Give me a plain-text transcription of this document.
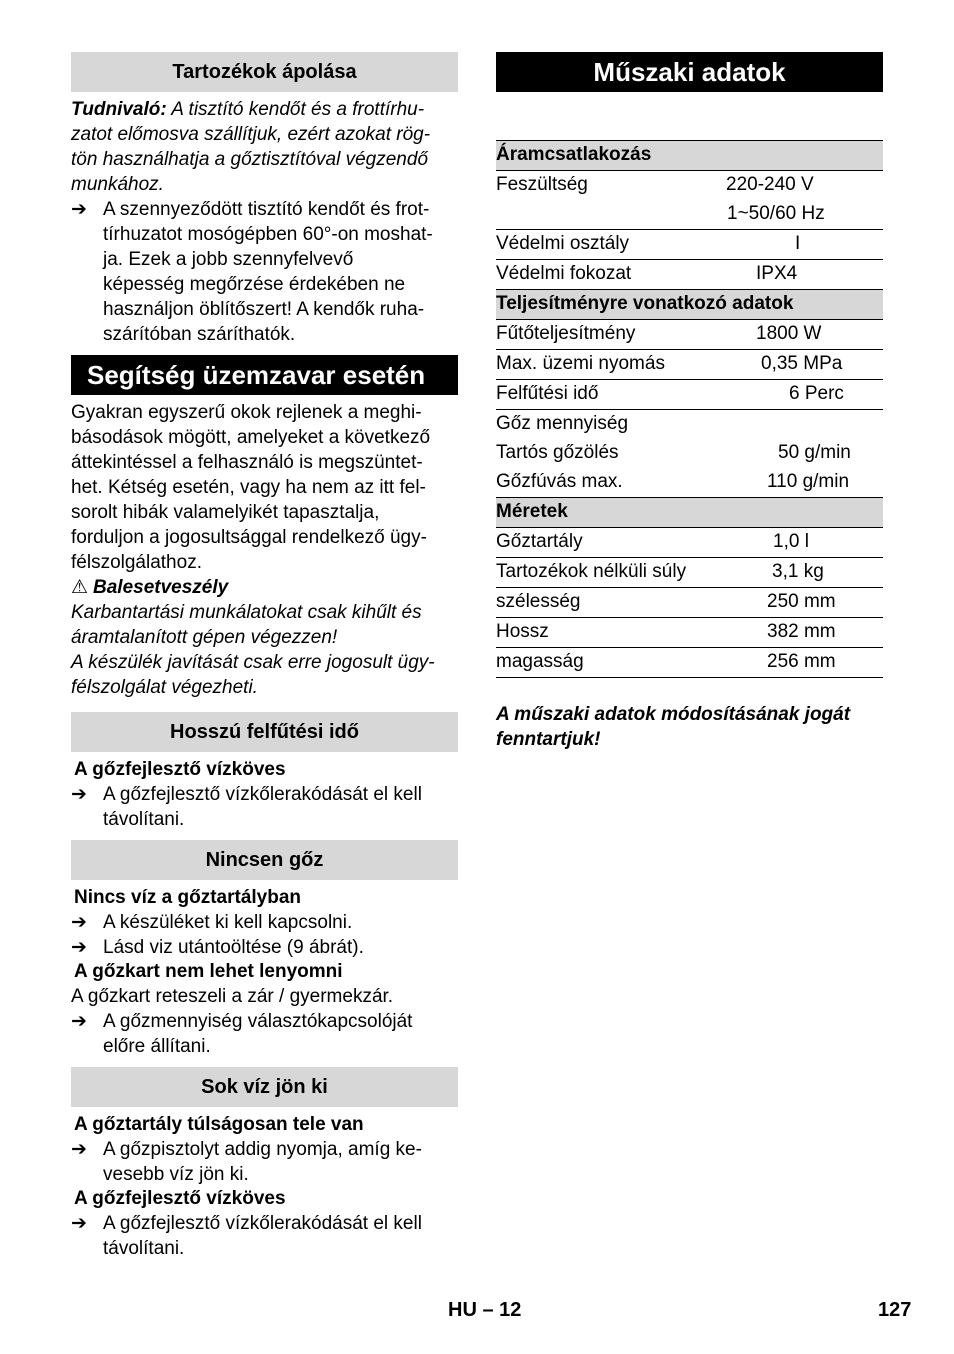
Tartozékok ápolása

Tudnivaló: A tisztító kendőt és a frottírhu-

zatot előmosva szállítjuk, ezért azokat rög-

tön használhatja a gőztisztítóval végzendő

munkához.

➔ A szennyeződött tisztító kendőt és frot-

tírhuzatot mosógépben 60°-on moshat-

ja. Ezek a jobb szennyfelvevő

képesség megőrzése érdekében ne

használjon öblítőszert! A kendők ruha-

szárítóban száríthatók.

Segítség üzemzavar esetén

Gyakran egyszerű okok rejlenek a meghi-

básodások mögött, amelyeket a következő

áttekintéssel a felhasználó is megszüntet-

het. Kétség esetén, vagy ha nem az itt fel-

sorolt hibák valamelyikét tapasztalja,

forduljon a jogosultsággal rendelkező ügy-

félszolgálathoz.

⚠ Balesetveszély

Karbantartási munkálatokat csak kihűlt és

áramtalanított gépen végezzen!

A készülék javítását csak erre jogosult ügy-

félszolgálat végezheti.

Hosszú felfűtési idő

A gőzfejlesztő vízköves

➔ A gőzfejlesztő vízkőlerakódását el kell

távolítani.

Nincsen gőz

Nincs víz a gőztartályban

➔ A készüléket ki kell kapcsolni.

➔ Lásd viz utántoöltése (9 ábrát).

A gőzkart nem lehet lenyomni

A gőzkart reteszeli a zár / gyermekzár.

➔ A gőzmennyiség választókapcsolóját

előre állítani.

Sok víz jön ki

A gőztartály túlságosan tele van

➔ A gőzpisztolyt addig nyomja, amíg ke-

vesebb víz jön ki.

A gőzfejlesztő vízköves

➔ A gőzfejlesztő vízkőlerakódását el kell

távolítani.

Műszaki adatok
Áramcsatlakozás
Feszültség	220-240 V
1~50/60 Hz
Védelmi osztály	I
Védelmi fokozat	IPX4
Teljesítményre vonatkozó adatok
Fűtőteljesítmény	1800 W
Max. üzemi nyomás	0,35 MPa
Felfűtési idő	6 Perc
Gőz mennyiség
Tartós gőzölés	50 g/min
Gőzfúvás max.	110 g/min
Méretek
Gőztartály	1,0 l
Tartozékok nélküli súly	3,1 kg
szélesség	250 mm
Hossz	382 mm
magasság	256 mm

A műszaki adatok módosításának jogát

fenntartjuk!

HU – 12	127
